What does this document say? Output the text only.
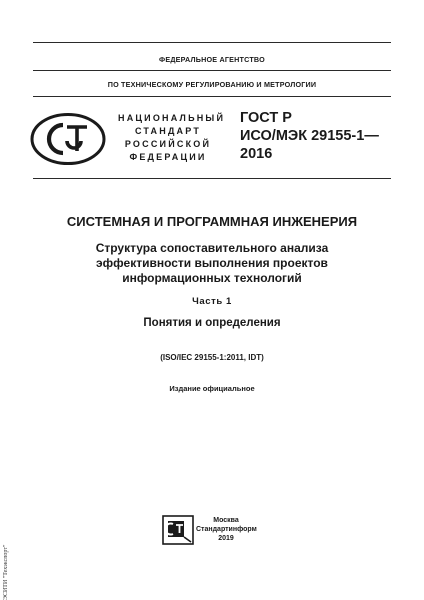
ФЕДЕРАЛЬНОЕ АГЕНТСТВО
ПО ТЕХНИЧЕСКОМУ РЕГУЛИРОВАНИЮ И МЕТРОЛОГИИ
НАЦИОНАЛЬНЫЙ
СТАНДАРТ
РОССИЙСКОЙ
ФЕДЕРАЦИИ
ГОСТ Р
ИСО/МЭК 29155-1—
2016
СИСТЕМНАЯ И ПРОГРАММНАЯ ИНЖЕНЕРИЯ
Структура сопоставительного анализа
эффективности выполнения проектов
информационных технологий
Часть 1
Понятия и определения
(ISO/IEC 29155-1:2011, IDT)
Издание официальное
Москва
Стандартинформ
2019
ЭСИТИ "Техэкспорт"
